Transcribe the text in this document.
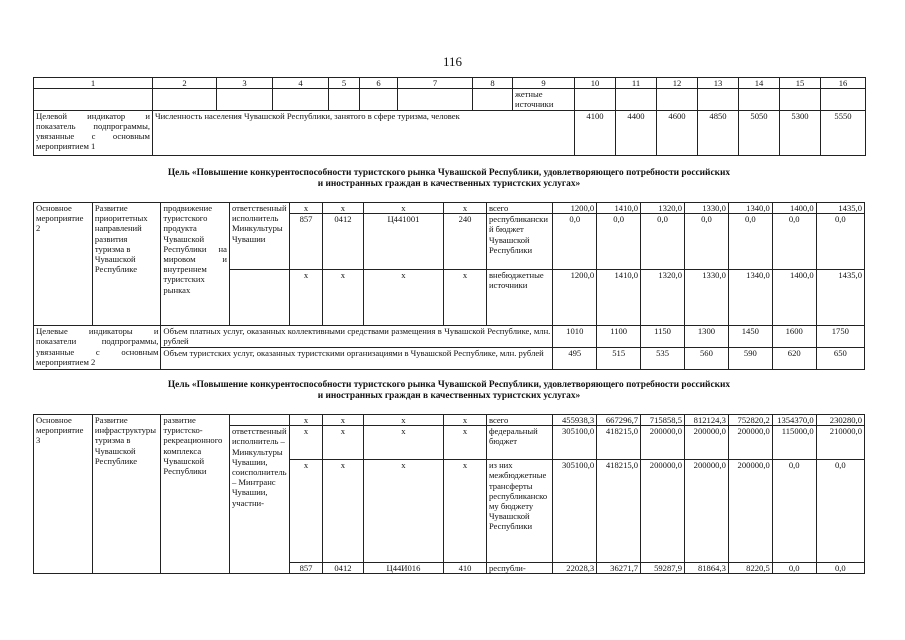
116
1	2	3	4	5	6	7	8	9	10	11	12	13	14	15	16
								жетные источники							
Целевой индикатор и показатель подпрограммы, увязанные с основным мероприятием 1	Численность населения Чувашской Республики, занятого в сфере туризма, человек								4100	4400	4600	4850	5050	5300	5550
Цель «Повышение конкурентоспособности туристского рынка Чувашской Республики, удовлетворяющего потребности российских
и иностранных граждан в качественных туристских услугах»
Основное мероприятие 2	Развитие приоритетных направлений развития туризма в Чувашской Республике	продвижение туристского продукта Чувашской Республики на мировом и внутреннем туристских рынках	ответственный исполнитель Минкультуры Чувашии	x	x	x	x	всего	1200,0	1410,0	1320,0	1330,0	1340,0	1400,0	1435,0
				857	0412	Ц441001	240	республиканский бюджет Чувашской Республики	0,0	0,0	0,0	0,0	0,0	0,0	0,0
				x	x	x	x	внебюджетные источники	1200,0	1410,0	1320,0	1330,0	1340,0	1400,0	1435,0
Целевые индикаторы и показатели подпрограммы, увязанные с основным мероприятием 2		Объем платных услуг, оказанных коллективными средствами размещения в Чувашской Республике, млн. рублей							1010	1100	1150	1300	1450	1600	1750
		Объем туристских услуг, оказанных туристскими организациями в Чувашской Республике, млн. рублей							495	515	535	560	590	620	650
Цель «Повышение конкурентоспособности туристского рынка Чувашской Республики, удовлетворяющего потребности российских
и иностранных граждан в качественных туристских услугах»
Основное мероприятие 3	Развитие инфраструктуры туризма в Чувашской Республике	развитие туристско-рекреационного комплекса Чувашской Республики		x	x	x	x	всего	455938,3	667296,7	715858,5	812124,3	752820,2	1354370,0	230280,0
			ответственный исполнитель – Минкультуры Чувашии, соисполнитель – Минтранс Чувашии, участни-	x	x	x	x	федеральный бюджет	305100,0	418215,0	200000,0	200000,0	200000,0	115000,0	210000,0
				x	x	x	x	из них межбюджетные трансферты республиканскому бюджету Чувашской Республики	305100,0	418215,0	200000,0	200000,0	200000,0	0,0	0,0
				857	0412	Ц44И016	410	республи-	22028,3	36271,7	59287,9	81864,3	8220,5	0,0	0,0
